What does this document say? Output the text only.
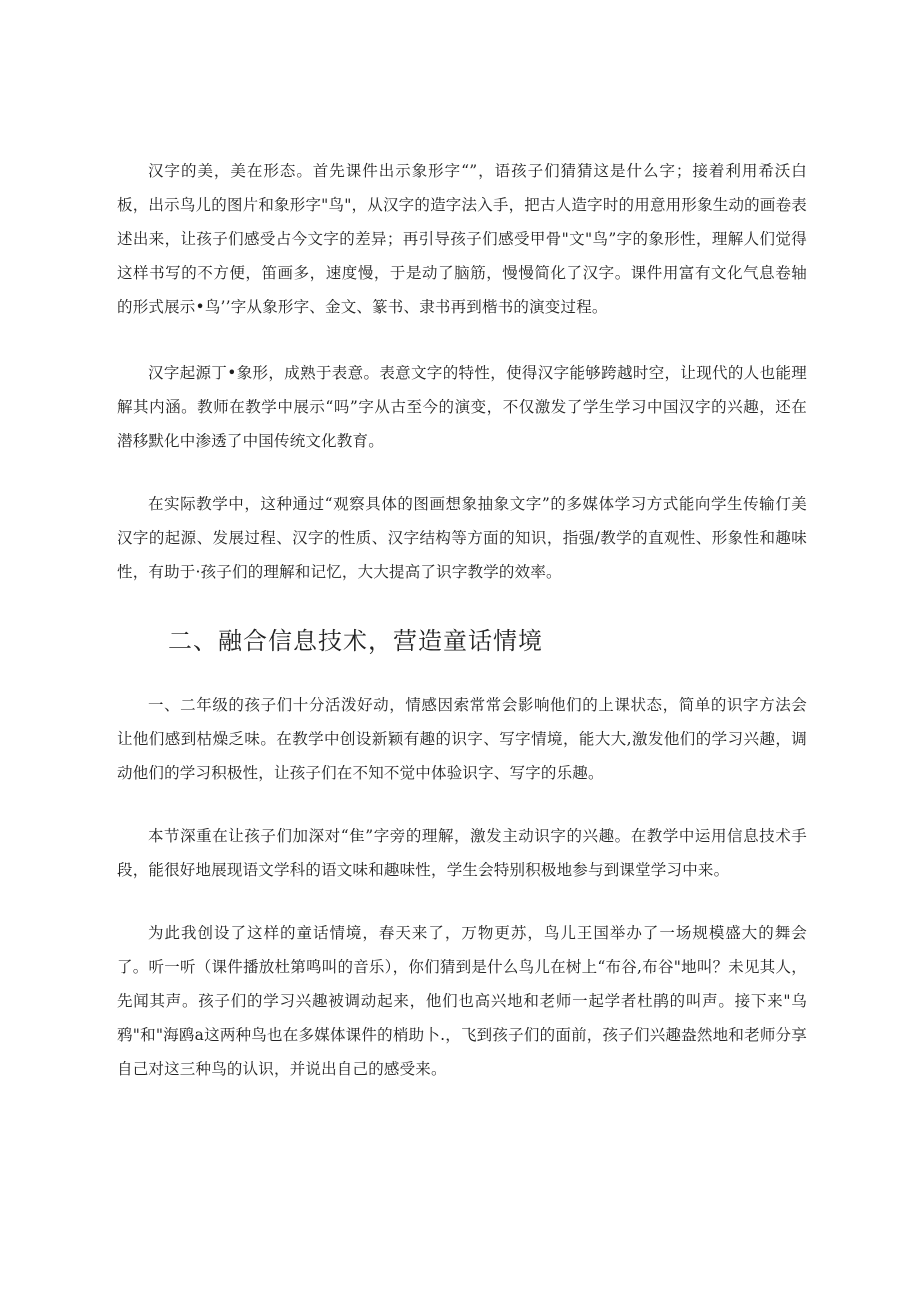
汉字的美，美在形态。首先课件出示象形字“”，语孩子们猜猜这是什么字；接着利用希沃白板，出示鸟儿的图片和象形字"鸟"，从汉字的造字法入手，把古人造字时的用意用形象生动的画卷表述出来，让孩子们感受占今文字的差异；再引导孩子们感受甲骨"文"鸟”字的象形性，理解人们觉得这样书写的不方便，笛画多，速度慢，于是动了脑筋，慢慢简化了汉字。课件用富有文化气息卷轴的形式展示•鸟’’字从象形字、金文、篆书、隶书再到楷书的演变过程。

汉字起源丁•象形，成熟于表意。表意文字的特性，使得汉字能够跨越时空，让现代的人也能理解其内涵。教师在教学中展示“吗”字从古至今的演变，不仅激发了学生学习中国汉字的兴趣，还在潜移默化中渗透了中国传统文化教育。

在实际教学中，这种通过“观察具体的图画想象抽象文字”的多媒体学习方式能向学生传输仃美汉字的起源、发展过程、汉字的性质、汉字结构等方面的知识，指强/教学的直观性、形象性和趣味性，有助于·孩子们的理解和记忆，大大提高了识字教学的效率。

二、融合信息技术，营造童话情境

一、二年级的孩子们十分活泼好动，情感因索常常会影响他们的上课状态，简单的识字方法会让他们感到枯燥乏味。在教学中创设新颖有趣的识字、写字情境，能大大,激发他们的学习兴趣，调动他们的学习积极性，让孩子们在不知不觉中体验识字、写字的乐趣。

本节深重在让孩子们加深对“隹”字旁的理解，激发主动识字的兴趣。在教学中运用信息技术手段，能很好地展现语文学科的语文味和趣味性，学生会特别积极地参与到课堂学习中来。

为此我创设了这样的童话情境，春天来了，万物更苏，鸟儿王国举办了一场规模盛大的舞会了。听一听（课件播放杜第鸣叫的音乐），你们猜到是什么鸟儿在树上“布谷,布谷"地叫？未见其人，先闻其声。孩子们的学习兴趣被调动起来，他们也高兴地和老师一起学者杜鹃的叫声。接下来"乌鸦"和"海鸥a这两种鸟也在多媒体课件的梢助卜.，飞到孩子们的面前，孩子们兴趣盎然地和老师分享自己对这三种鸟的认识，并说出自己的感受来。
